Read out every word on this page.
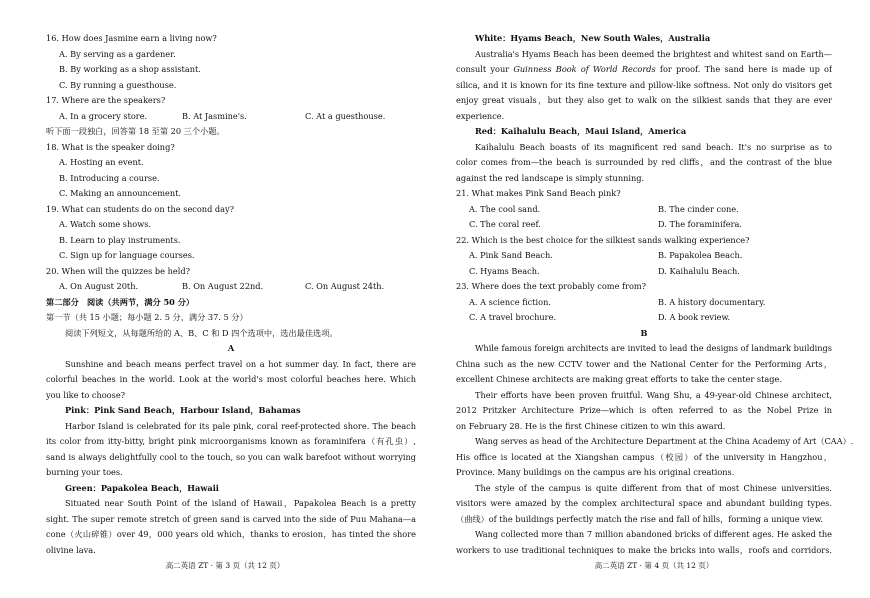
16. How does Jasmine earn a living now?
A. By serving as a gardener.
B. By working as a shop assistant.
C. By running a guesthouse.
17. Where are the speakers?
A. In a grocery store.	B. At Jasmine's.	C. At a guesthouse.
听下面一段独白，回答第 18 至第 20 三个小题。
18. What is the speaker doing?
A. Hosting an event.
B. Introducing a course.
C. Making an announcement.
19. What can students do on the second day?
A. Watch some shows.
B. Learn to play instruments.
C. Sign up for language courses.
20. When will the quizzes be held?
A. On August 20th.	B. On August 22nd.	C. On August 24th.
第二部分　阅读（共两节，满分 50 分）
第一节（共 15 小题；每小题 2. 5 分，满分 37. 5 分）
阅读下列短文，从每题所给的 A、B、C 和 D 四个选项中，选出最佳选项。
A
Sunshine and beach means perfect travel on a hot summer day. In fact, there are
colorful beaches in the world. Look at the world's most colorful beaches here. Which
you like to choose?
Pink：Pink Sand Beach，Harbour Island，Bahamas
Harbor Island is celebrated for its pale pink, coral reef-protected shore. The beach
its color from itty-bitty, bright pink microorganisms known as foraminifera（有孔虫）,
sand is always delightfully cool to the touch, so you can walk barefoot without worrying
burning your toes.
Green：Papakolea Beach，Hawaii
Situated near South Point of the island of Hawaii，Papakolea Beach is a pretty
sight. The super remote stretch of green sand is carved into the side of Puu Mahana—a
cone（火山碎锥）over 49，000 years old which，thanks to erosion，has tinted the shore
olivine lava.
高二英语 ZT · 第 3 页（共 12 页）
White：Hyams Beach，New South Wales，Australia
Australia's Hyams Beach has been deemed the brightest and whitest sand on Earth—
consult your Guinness Book of World Records for proof. The sand here is made up of
silica, and it is known for its fine texture and pillow-like softness. Not only do visitors get
enjoy great visuals，but they also get to walk on the silkiest sands that they are ever
experience.
Red：Kaihalulu Beach，Maui Island，America
Kaihalulu Beach boasts of its magnificent red sand beach. It's no surprise as to
color comes from—the beach is surrounded by red cliffs，and the contrast of the blue
against the red landscape is simply stunning.
21. What makes Pink Sand Beach pink?
A. The cool sand.	B. The cinder cone.
C. The coral reef.	D. The foraminifera.
22. Which is the best choice for the silkiest sands walking experience?
A. Pink Sand Beach.	B. Papakolea Beach.
C. Hyams Beach.	D. Kaihalulu Beach.
23. Where does the text probably come from?
A. A science fiction.	B. A history documentary.
C. A travel brochure.	D. A book review.
B
While famous foreign architects are invited to lead the designs of landmark buildings
China such as the new CCTV tower and the National Center for the Performing Arts，
excellent Chinese architects are making great efforts to take the center stage.
Their efforts have been proven fruitful. Wang Shu, a 49-year-old Chinese architect,
2012 Pritzker Architecture Prize—which is often referred to as the Nobel Prize in
on February 28. He is the first Chinese citizen to win this award.
Wang serves as head of the Architecture Department at the China Academy of Art（CAA）.
His office is located at the Xiangshan campus（校园）of the university in Hangzhou，
Province. Many buildings on the campus are his original creations.
The style of the campus is quite different from that of most Chinese universities.
visitors were amazed by the complex architectural space and abundant building types.
（曲线）of the buildings perfectly match the rise and fall of hills，forming a unique view.
Wang collected more than 7 million abandoned bricks of different ages. He asked the
workers to use traditional techniques to make the bricks into walls，roofs and corridors.
高二英语 ZT · 第 4 页（共 12 页）
